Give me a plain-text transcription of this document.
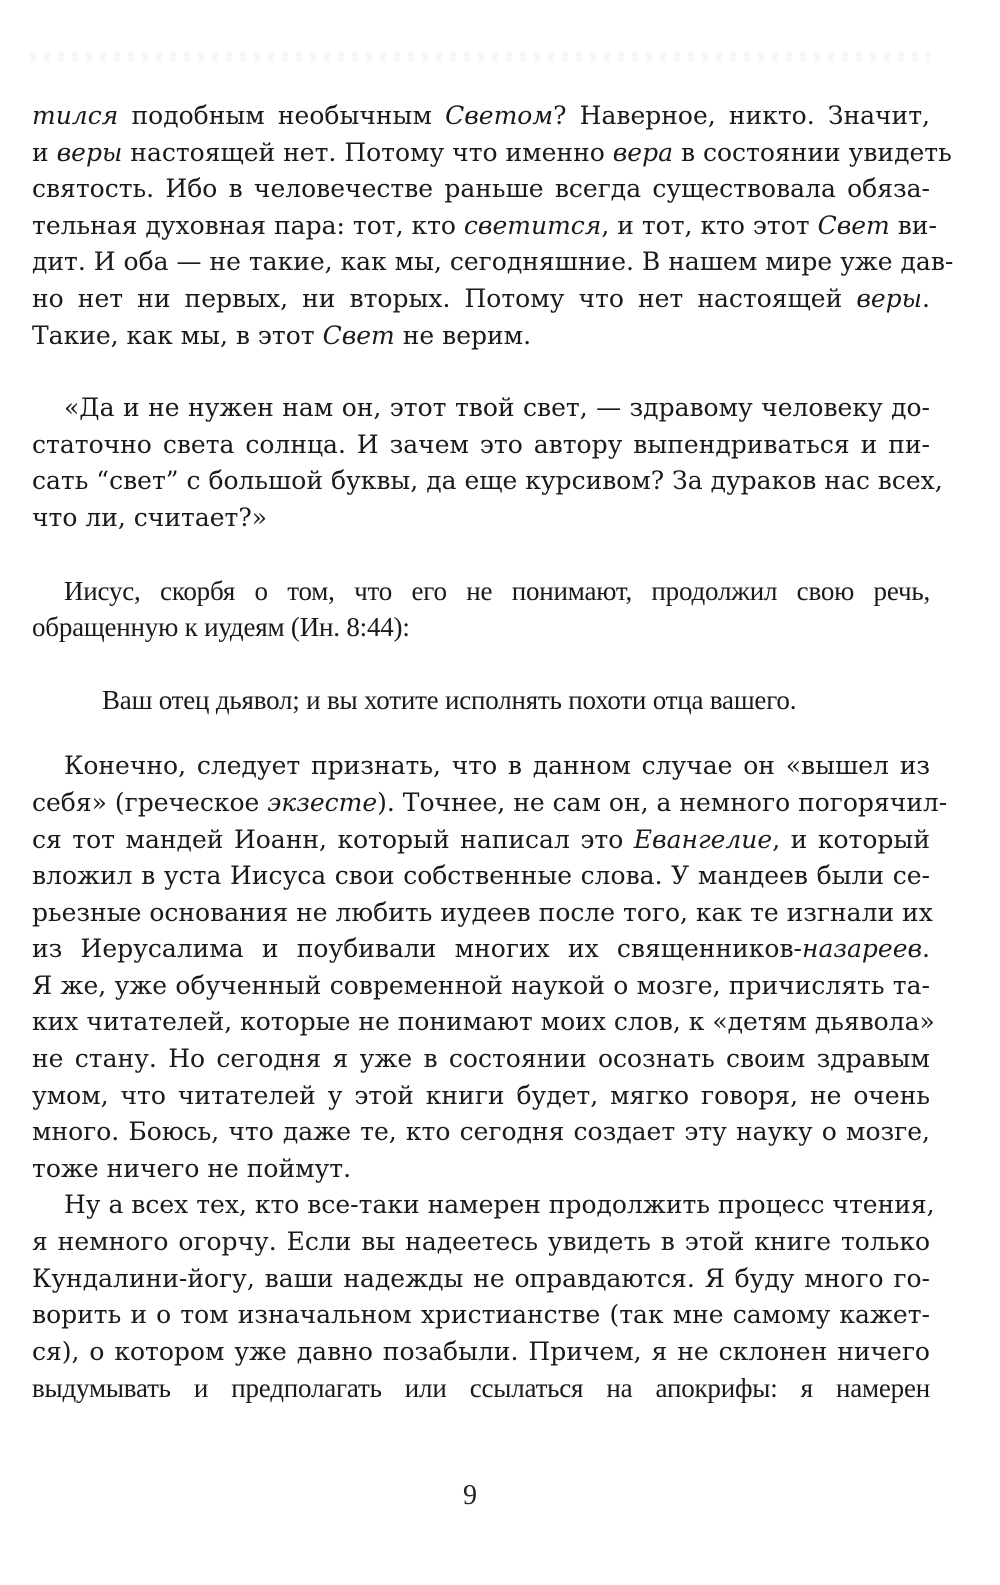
тился подобным необычным Светом? Наверное, никто. Значит,
и веры настоящей нет. Потому что именно вера в состоянии увидеть
святость. Ибо в человечестве раньше всегда существовала обяза-
тельная духовная пара: тот, кто светится, и тот, кто этот Свет ви-
дит. И оба — не такие, как мы, сегодняшние. В нашем мире уже дав-
но нет ни первых, ни вторых. Потому что нет настоящей веры.
Такие, как мы, в этот Свет не верим.
«Да и не нужен нам он, этот твой свет, — здравому человеку до-
статочно света солнца. И зачем это автору выпендриваться и пи-
сать “свет” с большой буквы, да еще курсивом? За дураков нас всех,
что ли, считает?»
Иисус, скорбя о том, что его не понимают, продолжил свою речь,
обращенную к иудеям (Ин. 8:44):
Ваш отец дьявол; и вы хотите исполнять похоти отца вашего.
Конечно, следует признать, что в данном случае он «вышел из
себя» (греческое экзесте). Точнее, не сам он, а немного погорячил-
ся тот мандей Иоанн, который написал это Евангелие, и который
вложил в уста Иисуса свои собственные слова. У мандеев были се-
рьезные основания не любить иудеев после того, как те изгнали их
из Иерусалима и поубивали многих их священников-назареев.
Я же, уже обученный современной наукой о мозге, причислять та-
ких читателей, которые не понимают моих слов, к «детям дьявола»
не стану. Но сегодня я уже в состоянии осознать своим здравым
умом, что читателей у этой книги будет, мягко говоря, не очень
много. Боюсь, что даже те, кто сегодня создает эту науку о мозге,
тоже ничего не поймут.
Ну а всех тех, кто все-таки намерен продолжить процесс чтения,
я немного огорчу. Если вы надеетесь увидеть в этой книге только
Кундалини-йогу, ваши надежды не оправдаются. Я буду много го-
ворить и о том изначальном христианстве (так мне самому кажет-
ся), о котором уже давно позабыли. Причем, я не склонен ничего
выдумывать и предполагать или ссылаться на апокрифы: я намерен
9
